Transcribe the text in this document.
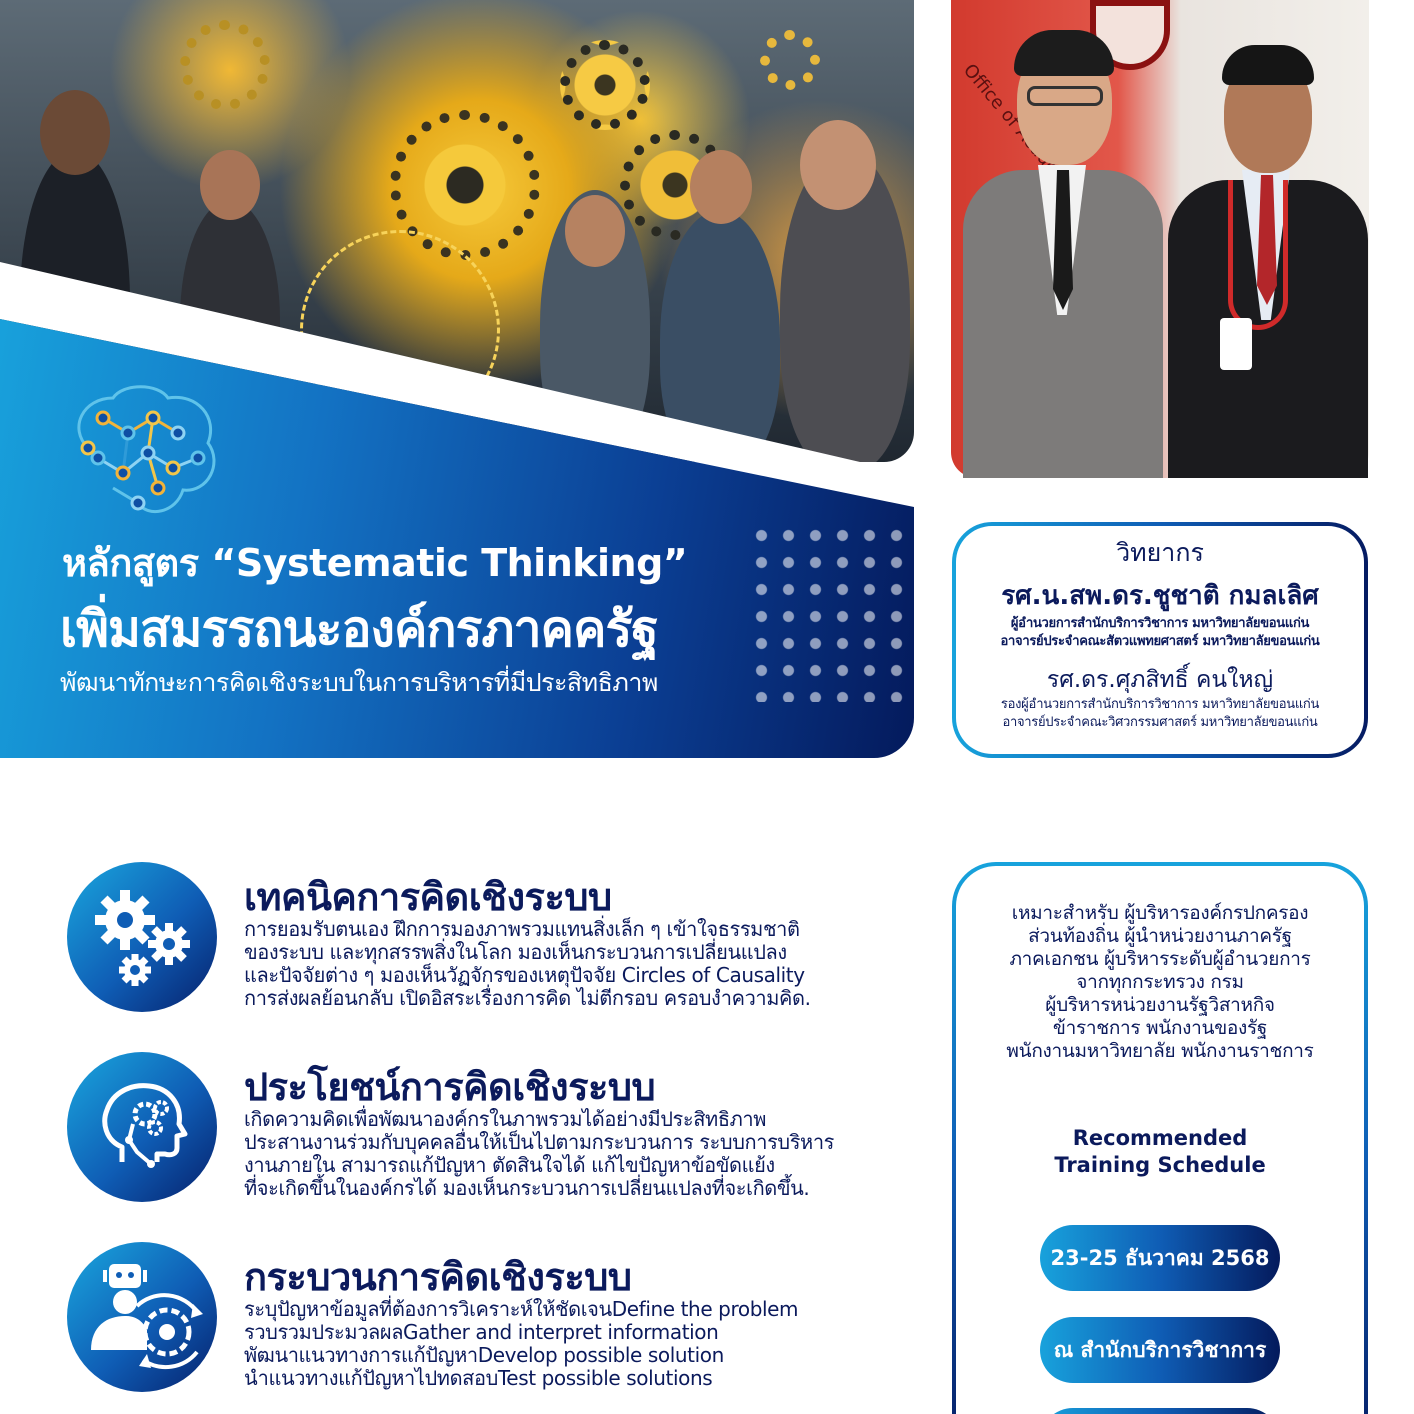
หลักสูตร “Systematic Thinking”
เพิ่มสมรรถนะองค์กรภาคครัฐ
พัฒนาทักษะการคิดเชิงระบบในการบริหารที่มีประสิทธิภาพ
Office of
วิทยากร
รศ.น.สพ.ดร.ชูชาติ กมลเลิศ
ผู้อำนวยการสำนักบริการวิชาการ มหาวิทยาลัยขอนแก่น
อาจารย์ประจำคณะสัตวแพทยศาสตร์ มหาวิทยาลัยขอนแก่น
รศ.ดร.ศุภสิทธิ์ คนใหญ่
รองผู้อำนวยการสำนักบริการวิชาการ มหาวิทยาลัยขอนแก่น
อาจารย์ประจำคณะวิศวกรรมศาสตร์ มหาวิทยาลัยขอนแก่น
เทคนิคการคิดเชิงระบบ
การยอมรับตนเอง ฝึกการมองภาพรวมแทนสิ่งเล็ก ๆ เข้าใจธรรมชาติ
ของระบบ และทุกสรรพสิ่งในโลก มองเห็นกระบวนการเปลี่ยนแปลง
และปัจจัยต่าง ๆ มองเห็นวัฏจักรของเหตุปัจจัย Circles of Causality
การส่งผลย้อนกลับ เปิดอิสระเรื่องการคิด ไม่ตีกรอบ ครอบงำความคิด.
ประโยชน์การคิดเชิงระบบ
เกิดความคิดเพื่อพัฒนาองค์กรในภาพรวมได้อย่างมีประสิทธิภาพ
ประสานงานร่วมกับบุคคลอื่นให้เป็นไปตามกระบวนการ ระบบการบริหาร
งานภายใน สามารถแก้ปัญหา ตัดสินใจได้ แก้ไขปัญหาข้อขัดแย้ง
ที่จะเกิดขึ้นในองค์กรได้ มองเห็นกระบวนการเปลี่ยนแปลงที่จะเกิดขึ้น.
กระบวนการคิดเชิงระบบ
ระบุปัญหาข้อมูลที่ต้องการวิเคราะห์ให้ชัดเจนDefine the problem
รวบรวมประมวลผลGather and interpret information
พัฒนาแนวทางการแก้ปัญหาDevelop possible solution
นำแนวทางแก้ปัญหาไปทดสอบTest possible solutions
เหมาะสำหรับ ผู้บริหารองค์กรปกครอง
ส่วนท้องถิ่น ผู้นำหน่วยงานภาครัฐ
ภาคเอกชน ผู้บริหารระดับผู้อำนวยการ
จากทุกกระทรวง กรม
ผู้บริหารหน่วยงานรัฐวิสาหกิจ
ข้าราชการ พนักงานของรัฐ
พนักงานมหาวิทยาลัย พนักงานราชการ
Recommended
Training Schedule
23-25 ธันวาคม 2568
ณ สำนักบริการวิชาการ
